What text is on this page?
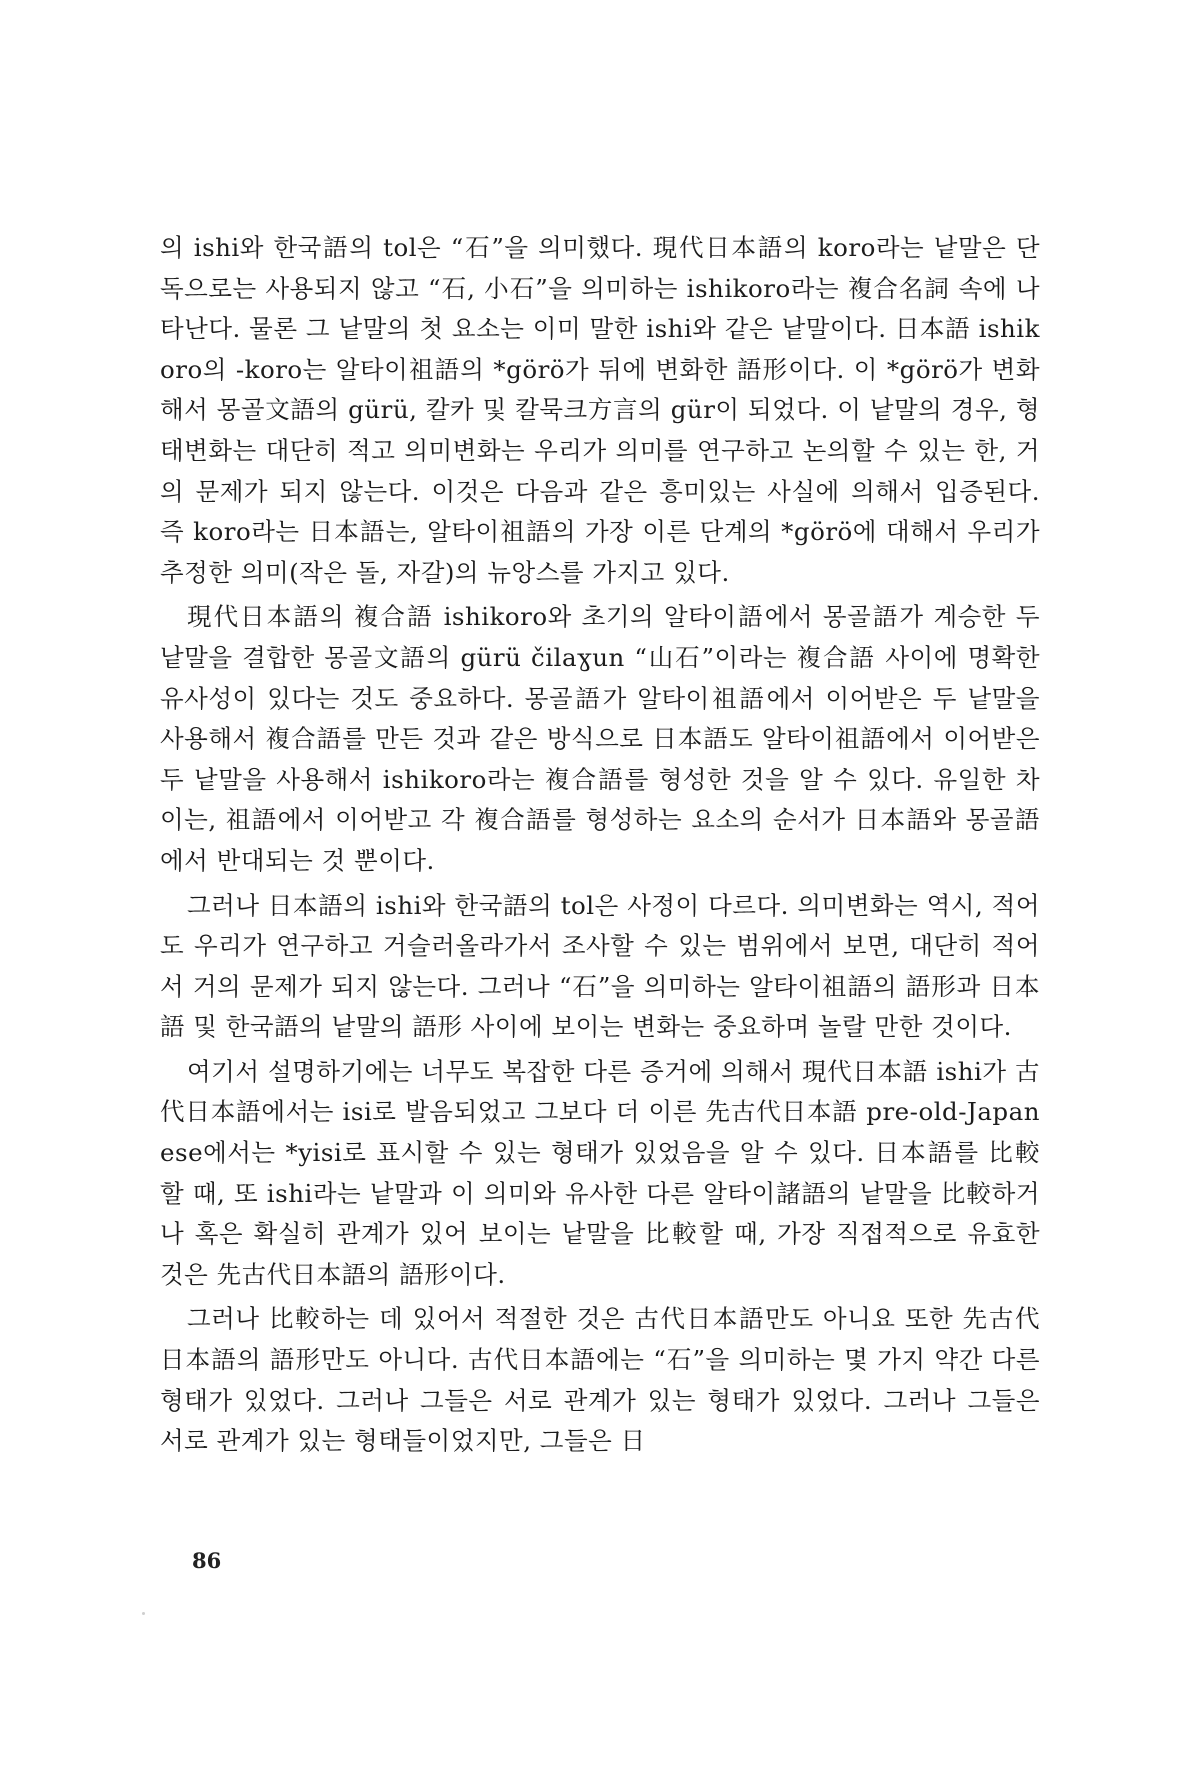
의 ishi와 한국語의 tol은 “石”을 의미했다. 現代日本語의 koro라는 낱말은 단독으로는 사용되지 않고 “石, 小石”을 의미하는 ishikoro라는 複合名詞 속에 나타난다. 물론 그 낱말의 첫 요소는 이미 말한 ishi와 같은 낱말이다. 日本語 ishikoro의 -koro는 알타이祖語의 *görö가 뒤에 변화한 語形이다. 이 *görö가 변화해서 몽골文語의 gürü, 칼카 및 칼묵크方言의 gür이 되었다. 이 낱말의 경우, 형태변화는 대단히 적고 의미변화는 우리가 의미를 연구하고 논의할 수 있는 한, 거의 문제가 되지 않는다. 이것은 다음과 같은 흥미있는 사실에 의해서 입증된다. 즉 koro라는 日本語는, 알타이祖語의 가장 이른 단계의 *görö에 대해서 우리가 추정한 의미(작은 돌, 자갈)의 뉴앙스를 가지고 있다.

現代日本語의 複合語 ishikoro와 초기의 알타이語에서 몽골語가 계승한 두 낱말을 결합한 몽골文語의 gürü čilaɣun “山石”이라는 複合語 사이에 명확한 유사성이 있다는 것도 중요하다. 몽골語가 알타이祖語에서 이어받은 두 낱말을 사용해서 複合語를 만든 것과 같은 방식으로 日本語도 알타이祖語에서 이어받은 두 낱말을 사용해서 ishikoro라는 複合語를 형성한 것을 알 수 있다. 유일한 차이는, 祖語에서 이어받고 각 複合語를 형성하는 요소의 순서가 日本語와 몽골語에서 반대되는 것 뿐이다.

그러나 日本語의 ishi와 한국語의 tol은 사정이 다르다. 의미변화는 역시, 적어도 우리가 연구하고 거슬러올라가서 조사할 수 있는 범위에서 보면, 대단히 적어서 거의 문제가 되지 않는다. 그러나 “石”을 의미하는 알타이祖語의 語形과 日本語 및 한국語의 낱말의 語形 사이에 보이는 변화는 중요하며 놀랄 만한 것이다.

여기서 설명하기에는 너무도 복잡한 다른 증거에 의해서 現代日本語 ishi가 古代日本語에서는 isi로 발음되었고 그보다 더 이른 先古代日本語 pre-old-Japanese에서는 *yisi로 표시할 수 있는 형태가 있었음을 알 수 있다. 日本語를 比較할 때, 또 ishi라는 낱말과 이 의미와 유사한 다른 알타이諸語의 낱말을 比較하거나 혹은 확실히 관계가 있어 보이는 낱말을 比較할 때, 가장 직접적으로 유효한 것은 先古代日本語의 語形이다.

그러나 比較하는 데 있어서 적절한 것은 古代日本語만도 아니요 또한 先古代日本語의 語形만도 아니다. 古代日本語에는 “石”을 의미하는 몇 가지 약간 다른 형태가 있었다. 그러나 그들은 서로 관계가 있는 형태가 있었다. 그러나 그들은 서로 관계가 있는 형태들이었지만, 그들은 日

86
